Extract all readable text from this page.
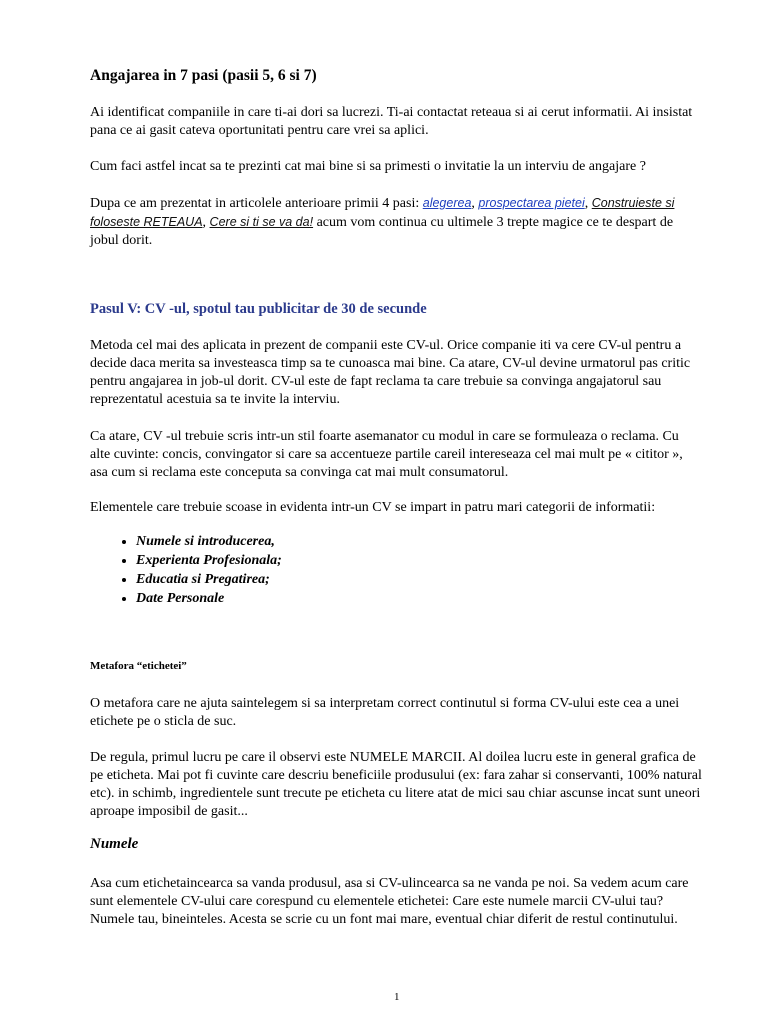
Angajarea in 7 pasi (pasii 5, 6 si 7)

Ai identificat companiile in care ti-ai dori sa lucrezi. Ti-ai contactat reteaua si ai cerut informatii. Ai insistat pana ce ai gasit cateva oportunitati pentru care vrei sa aplici.

Cum faci astfel incat sa te prezinti cat mai bine si sa primesti o invitatie la un interviu de angajare ?

Dupa ce am prezentat in articolele anterioare primii 4 pasi: alegerea, prospectarea pietei, Construieste si foloseste RETEAUA, Cere si ti se va da! acum vom continua cu ultimele 3 trepte magice ce te despart de jobul dorit.

Pasul V: CV -ul, spotul tau publicitar de 30 de secunde

Metoda cel mai des aplicata in prezent de companii este CV-ul. Orice companie iti va cere CV-ul pentru a decide daca merita sa investeasca timp sa te cunoasca mai bine. Ca atare, CV-ul devine urmatorul pas critic pentru angajarea in job-ul dorit. CV-ul este de fapt reclama ta care trebuie sa convinga angajatorul sau reprezentatul acestuia sa te invite la interviu.

Ca atare, CV -ul trebuie scris intr-un stil foarte asemanator cu modul in care se formuleaza o reclama. Cu alte cuvinte: concis, convingator si care sa accentueze partile careil intereseaza cel mai mult pe « cititor », asa cum si reclama este conceputa sa convinga cat mai mult consumatorul.

Elementele care trebuie scoase in evidenta intr-un CV se impart in patru mari categorii de informatii:

• Numele si introducerea,
• Experienta Profesionala;
• Educatia si Pregatirea;
• Date Personale
Metafora “etichetei”

O metafora care ne ajuta saintelegem si sa interpretam correct continutul si forma CV-ului este cea a unei etichete pe o sticla de suc.

De regula, primul lucru pe care il observi este NUMELE MARCII. Al doilea lucru este in general grafica de pe eticheta. Mai pot fi cuvinte care descriu beneficiile produsului (ex: fara zahar si conservanti, 100% natural etc). in schimb, ingredientele sunt trecute pe eticheta cu litere atat de mici sau chiar ascunse incat sunt uneori aproape imposibil de gasit...

Numele

Asa cum etichetaincearca sa vanda produsul, asa si CV-ulincearca sa ne vanda pe noi. Sa vedem acum care sunt elementele CV-ului care corespund cu elementele etichetei: Care este numele marcii CV-ului tau? Numele tau, bineinteles. Acesta se scrie cu un font mai mare, eventual chiar diferit de restul continutului.

1
